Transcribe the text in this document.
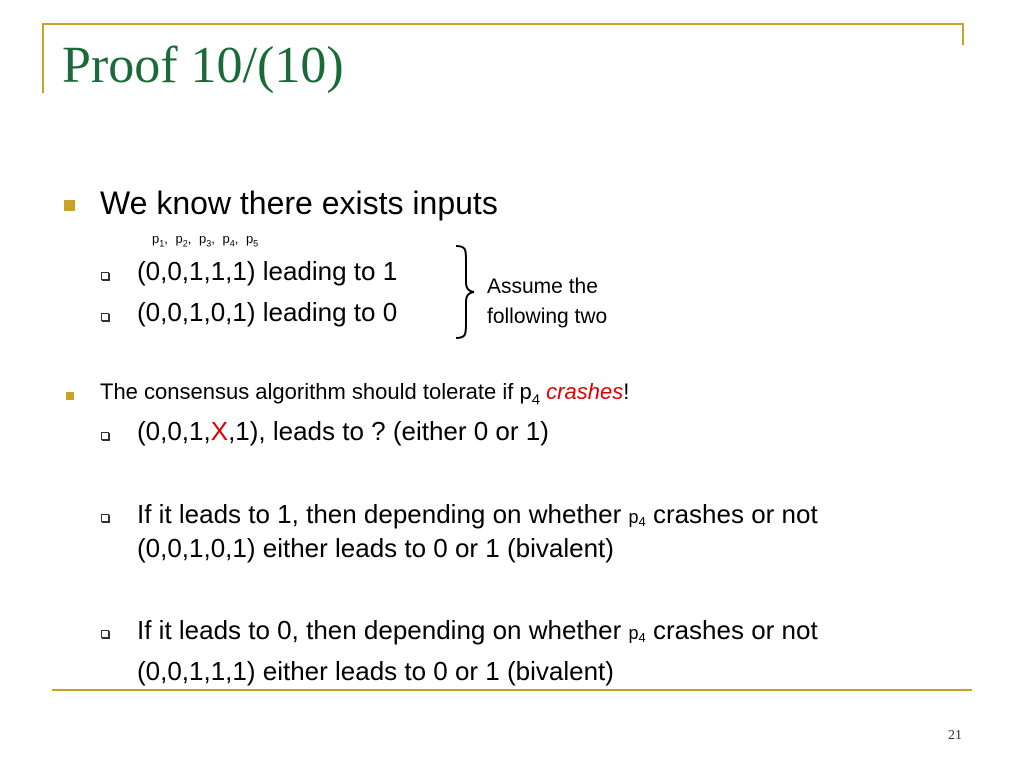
Proof 10/(10)
We know there exists inputs
$p_1$, $p_2$, $p_3$, $p_4$, $p_5$
(0,0,1,1,1) leading to 1
(0,0,1,0,1) leading to 0
Assume the
following two
The consensus algorithm should tolerate if $p_4$ crashes!
(0,0,1,X,1), leads to ? (either 0 or 1)
If it leads to 1, then depending on whether $p_4$ crashes or not
(0,0,1,0,1) either leads to 0 or 1 (bivalent)
If it leads to 0, then depending on whether $p_4$ crashes or not
(0,0,1,1,1) either leads to 0 or 1 (bivalent)
21
